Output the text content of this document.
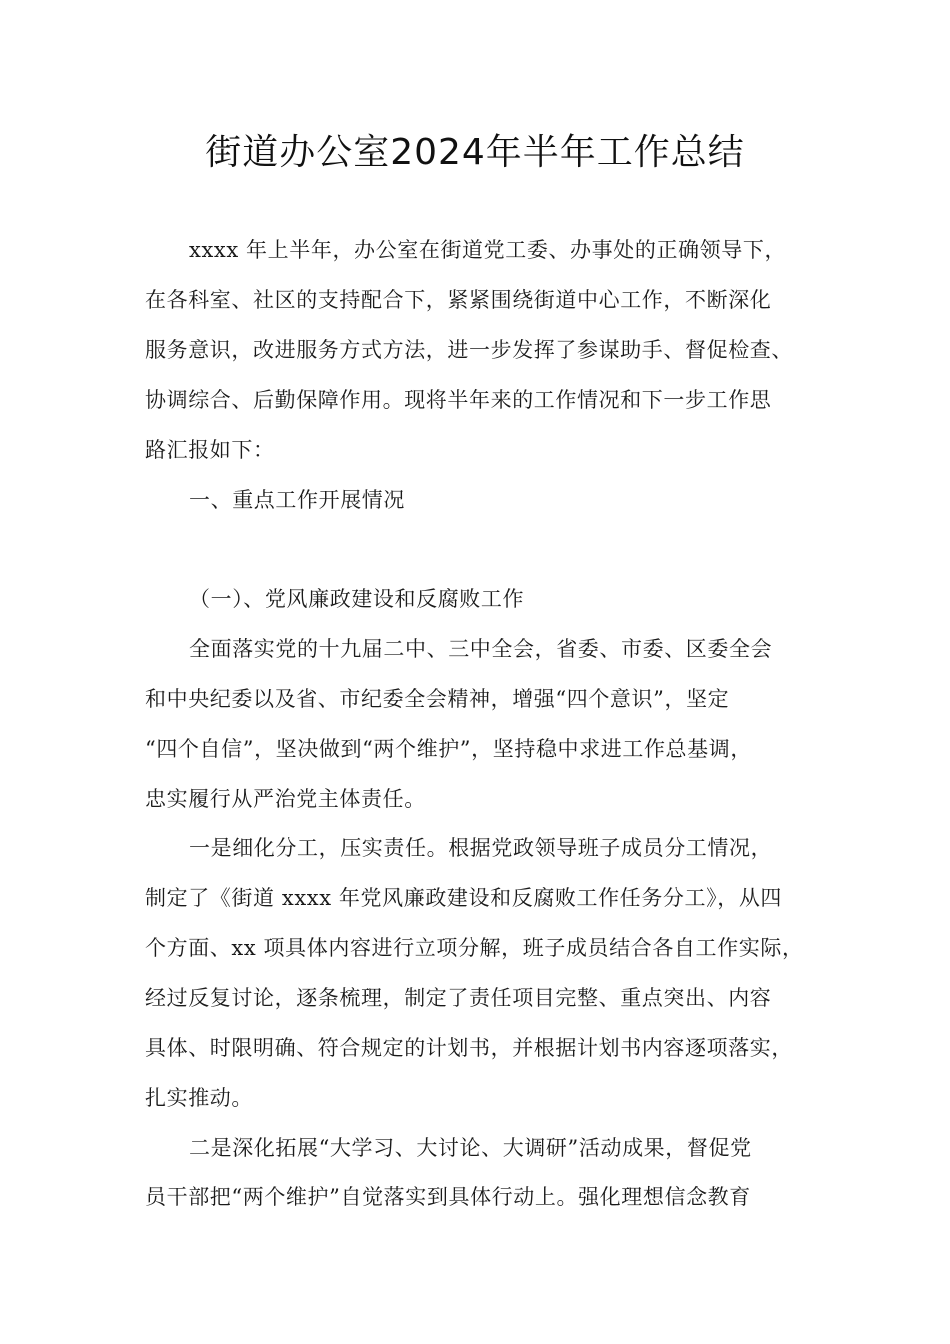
街道办公室2024年半年工作总结
xxxx 年上半年，办公室在街道党工委、办事处的正确领导下，
在各科室、社区的支持配合下，紧紧围绕街道中心工作，不断深化
服务意识，改进服务方式方法，进一步发挥了参谋助手、督促检查、
协调综合、后勤保障作用。现将半年来的工作情况和下一步工作思
路汇报如下：
一、重点工作开展情况
（一）、党风廉政建设和反腐败工作
全面落实党的十九届二中、三中全会，省委、市委、区委全会
和中央纪委以及省、市纪委全会精神，增强“四个意识”，坚定
“四个自信”，坚决做到“两个维护”，坚持稳中求进工作总基调，
忠实履行从严治党主体责任。
一是细化分工，压实责任。根据党政领导班子成员分工情况，
制定了《街道 xxxx 年党风廉政建设和反腐败工作任务分工》，从四
个方面、xx 项具体内容进行立项分解，班子成员结合各自工作实际，
经过反复讨论，逐条梳理，制定了责任项目完整、重点突出、内容
具体、时限明确、符合规定的计划书，并根据计划书内容逐项落实，
扎实推动。
二是深化拓展“大学习、大讨论、大调研”活动成果，督促党
员干部把“两个维护”自觉落实到具体行动上。强化理想信念教育
